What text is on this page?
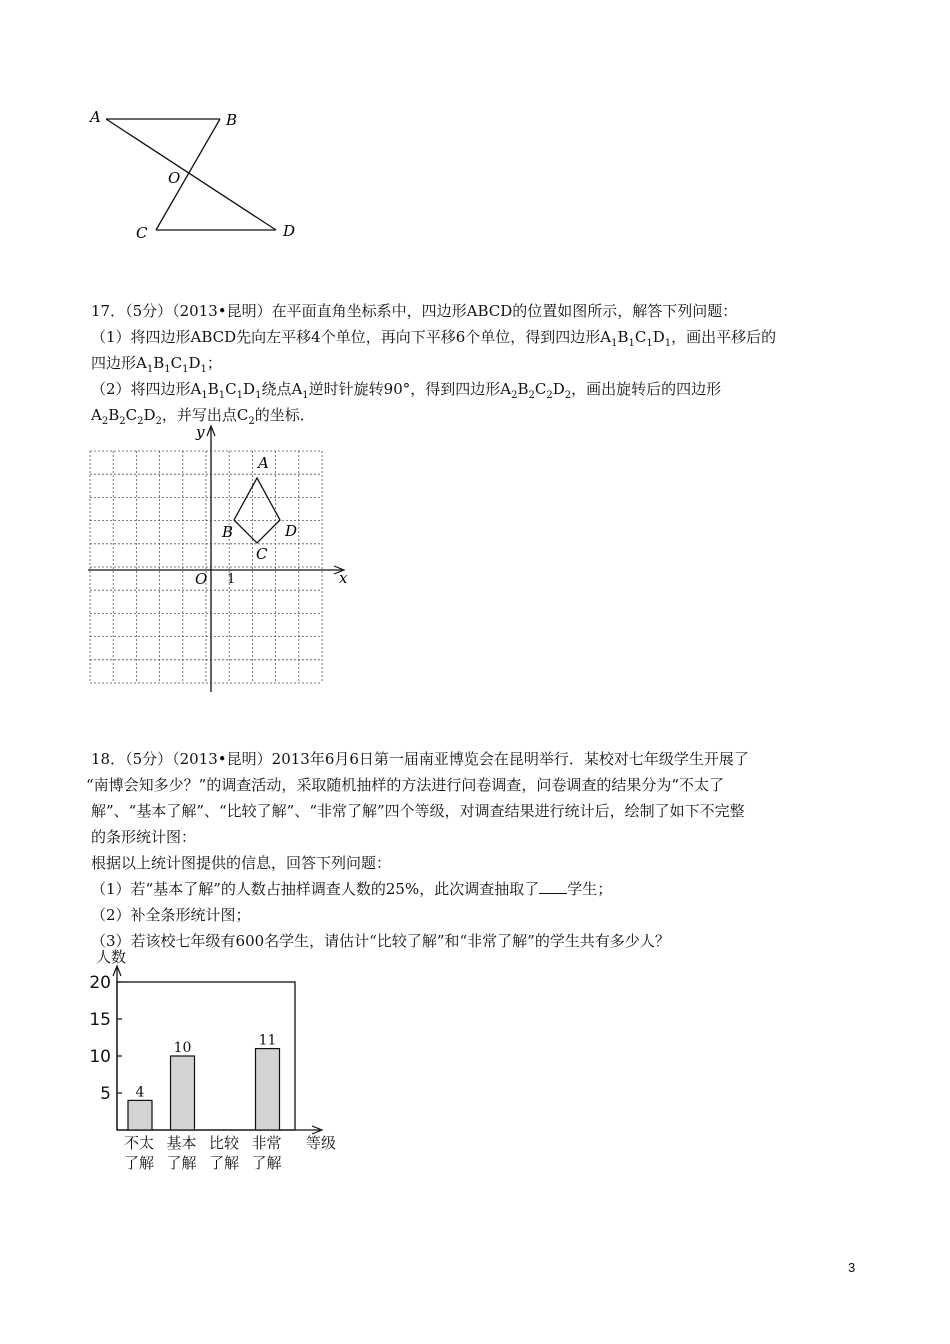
A	B
O
C	D
17．（5分）（2013•昆明）在平面直角坐标系中，四边形ABCD的位置如图所示，解答下列问题：
（1）将四边形ABCD先向左平移4个单位，再向下平移6个单位，得到四边形$A_1B_1C_1D_1$，画出平移后的
四边形$A_1B_1C_1D_1$；
（2）将四边形$A_1B_1C_1D_1$绕点$A_1$逆时针旋转90°，得到四边形$A_2B_2C_2D_2$，画出旋转后的四边形
$A_2B_2C_2D_2$，并写出点$C_2$的坐标．
y
x
O 1
A
B
C
D
18．（5分）（2013•昆明）2013年6月6日第一届南亚博览会在昆明举行．某校对七年级学生开展了
“南博会知多少？”的调查活动，采取随机抽样的方法进行问卷调查，问卷调查的结果分为“不太了
解”、“基本了解”、“比较了解”、“非常了解”四个等级，对调查结果进行统计后，绘制了如下不完整
的条形统计图：
根据以上统计图提供的信息，回答下列问题：
（1）若“基本了解”的人数占抽样调查人数的25%，此次调查抽取了 学生；
（2）补全条形统计图；
（3）若该校七年级有600名学生，请估计“比较了解”和“非常了解”的学生共有多少人？
人数
等级
20
15
10
5 4
不太
了解
10
基本
了解
比较
了解
11
非常
了解
3
